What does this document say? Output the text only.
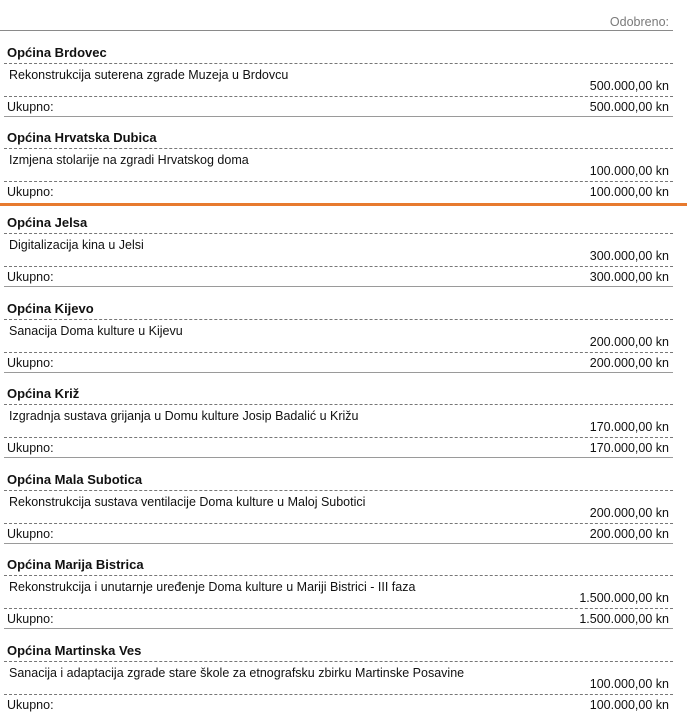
Odobreno:
Općina Brdovec
Rekonstrukcija suterena zgrade Muzeja u Brdovcu
500.000,00 kn
Ukupno:	500.000,00 kn
Općina Hrvatska Dubica
Izmjena stolarije na zgradi Hrvatskog doma
100.000,00 kn
Ukupno:	100.000,00 kn
Općina Jelsa
Digitalizacija kina u Jelsi
300.000,00 kn
Ukupno:	300.000,00 kn
Općina Kijevo
Sanacija Doma kulture u Kijevu
200.000,00 kn
Ukupno:	200.000,00 kn
Općina Križ
Izgradnja sustava grijanja u Domu kulture Josip Badalić u Križu
170.000,00 kn
Ukupno:	170.000,00 kn
Općina Mala Subotica
Rekonstrukcija sustava ventilacije Doma kulture u Maloj Subotici
200.000,00 kn
Ukupno:	200.000,00 kn
Općina Marija Bistrica
Rekonstrukcija i unutarnje uređenje Doma kulture u Mariji Bistrici - III faza
1.500.000,00 kn
Ukupno:	1.500.000,00 kn
Općina Martinska Ves
Sanacija i adaptacija zgrade stare škole za etnografsku zbirku Martinske Posavine
100.000,00 kn
Ukupno:	100.000,00 kn
